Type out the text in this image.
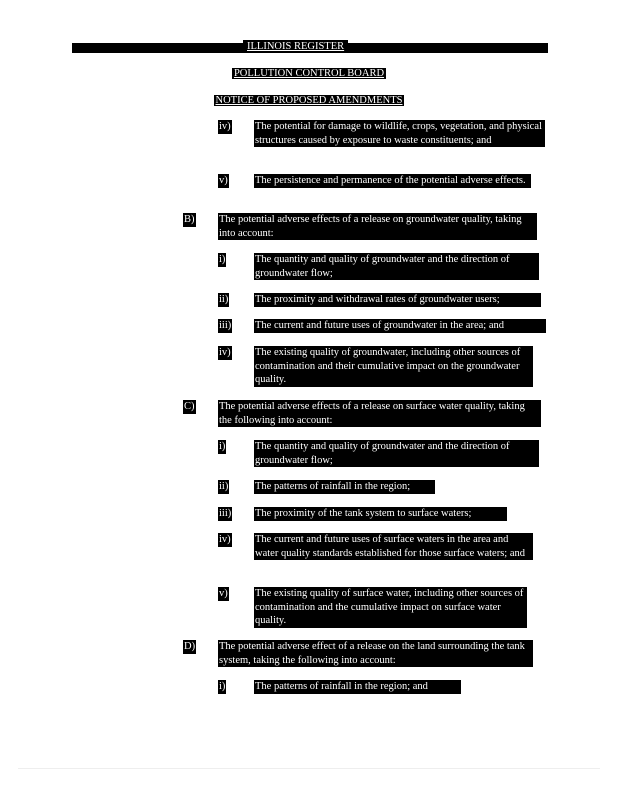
ILLINOIS REGISTER
POLLUTION CONTROL BOARD
NOTICE OF PROPOSED AMENDMENTS
iv) The potential for damage to wildlife, crops, vegetation, and physical structures caused by exposure to waste constituents; and
v)	The persistence and permanence of the potential adverse effects.
B) The potential adverse effects of a release on groundwater quality, taking into account:
i)	The quantity and quality of groundwater and the direction of groundwater flow;
ii)	The proximity and withdrawal rates of groundwater users;
iii) The current and future uses of groundwater in the area; and
iv) The existing quality of groundwater, including other sources of contamination and their cumulative impact on the groundwater quality.
C) The potential adverse effects of a release on surface water quality, taking the following into account:
i)	The quantity and quality of groundwater and the direction of groundwater flow;
ii)	The patterns of rainfall in the region;
iii) The proximity of the tank system to surface waters;
iv) The current and future uses of surface waters in the area and water quality standards established for those surface waters; and
v)	The existing quality of surface water, including other sources of contamination and the cumulative impact on surface water quality.
D) The potential adverse effect of a release on the land surrounding the tank system, taking the following into account:
i)	The patterns of rainfall in the region; and
